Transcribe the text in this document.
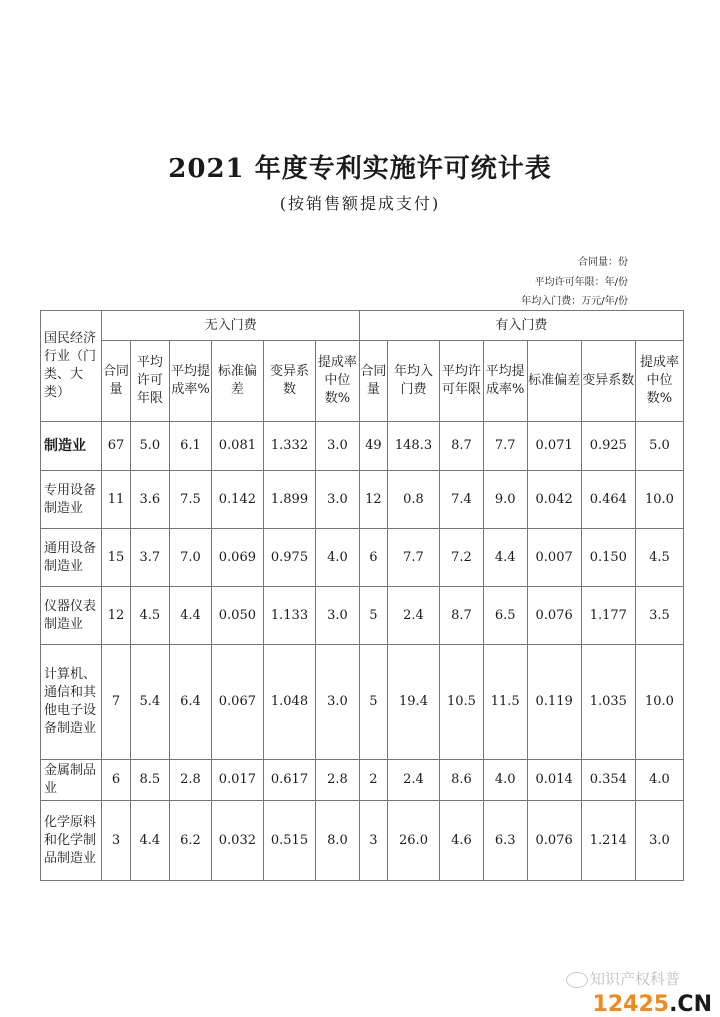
2021 年度专利实施许可统计表
(按销售额提成支付)
合同量：份
平均许可年限：年/份
年均入门费：万元/年/份
国民经济行业（门类、大类）	无入门费						有入门费						
	合同量	平均许可年限	平均提成率%	标准偏差	变异系数	提成率中位数%	合同量	年均入门费	平均许可年限	平均提成率%	标准偏差	变异系数	提成率中位数%
制造业	67	5.0	6.1	0.081	1.332	3.0	49	148.3	8.7	7.7	0.071	0.925	5.0
专用设备制造业	11	3.6	7.5	0.142	1.899	3.0	12	0.8	7.4	9.0	0.042	0.464	10.0
通用设备制造业	15	3.7	7.0	0.069	0.975	4.0	6	7.7	7.2	4.4	0.007	0.150	4.5
仪器仪表制造业	12	4.5	4.4	0.050	1.133	3.0	5	2.4	8.7	6.5	0.076	1.177	3.5
计算机、通信和其他电子设备制造业	7	5.4	6.4	0.067	1.048	3.0	5	19.4	10.5	11.5	0.119	1.035	10.0
金属制品业	6	8.5	2.8	0.017	0.617	2.8	2	2.4	8.6	4.0	0.014	0.354	4.0
化学原料和化学制品制造业	3	4.4	6.2	0.032	0.515	8.0	3	26.0	4.6	6.3	0.076	1.214	3.0
知识产权科普
12425.CN
